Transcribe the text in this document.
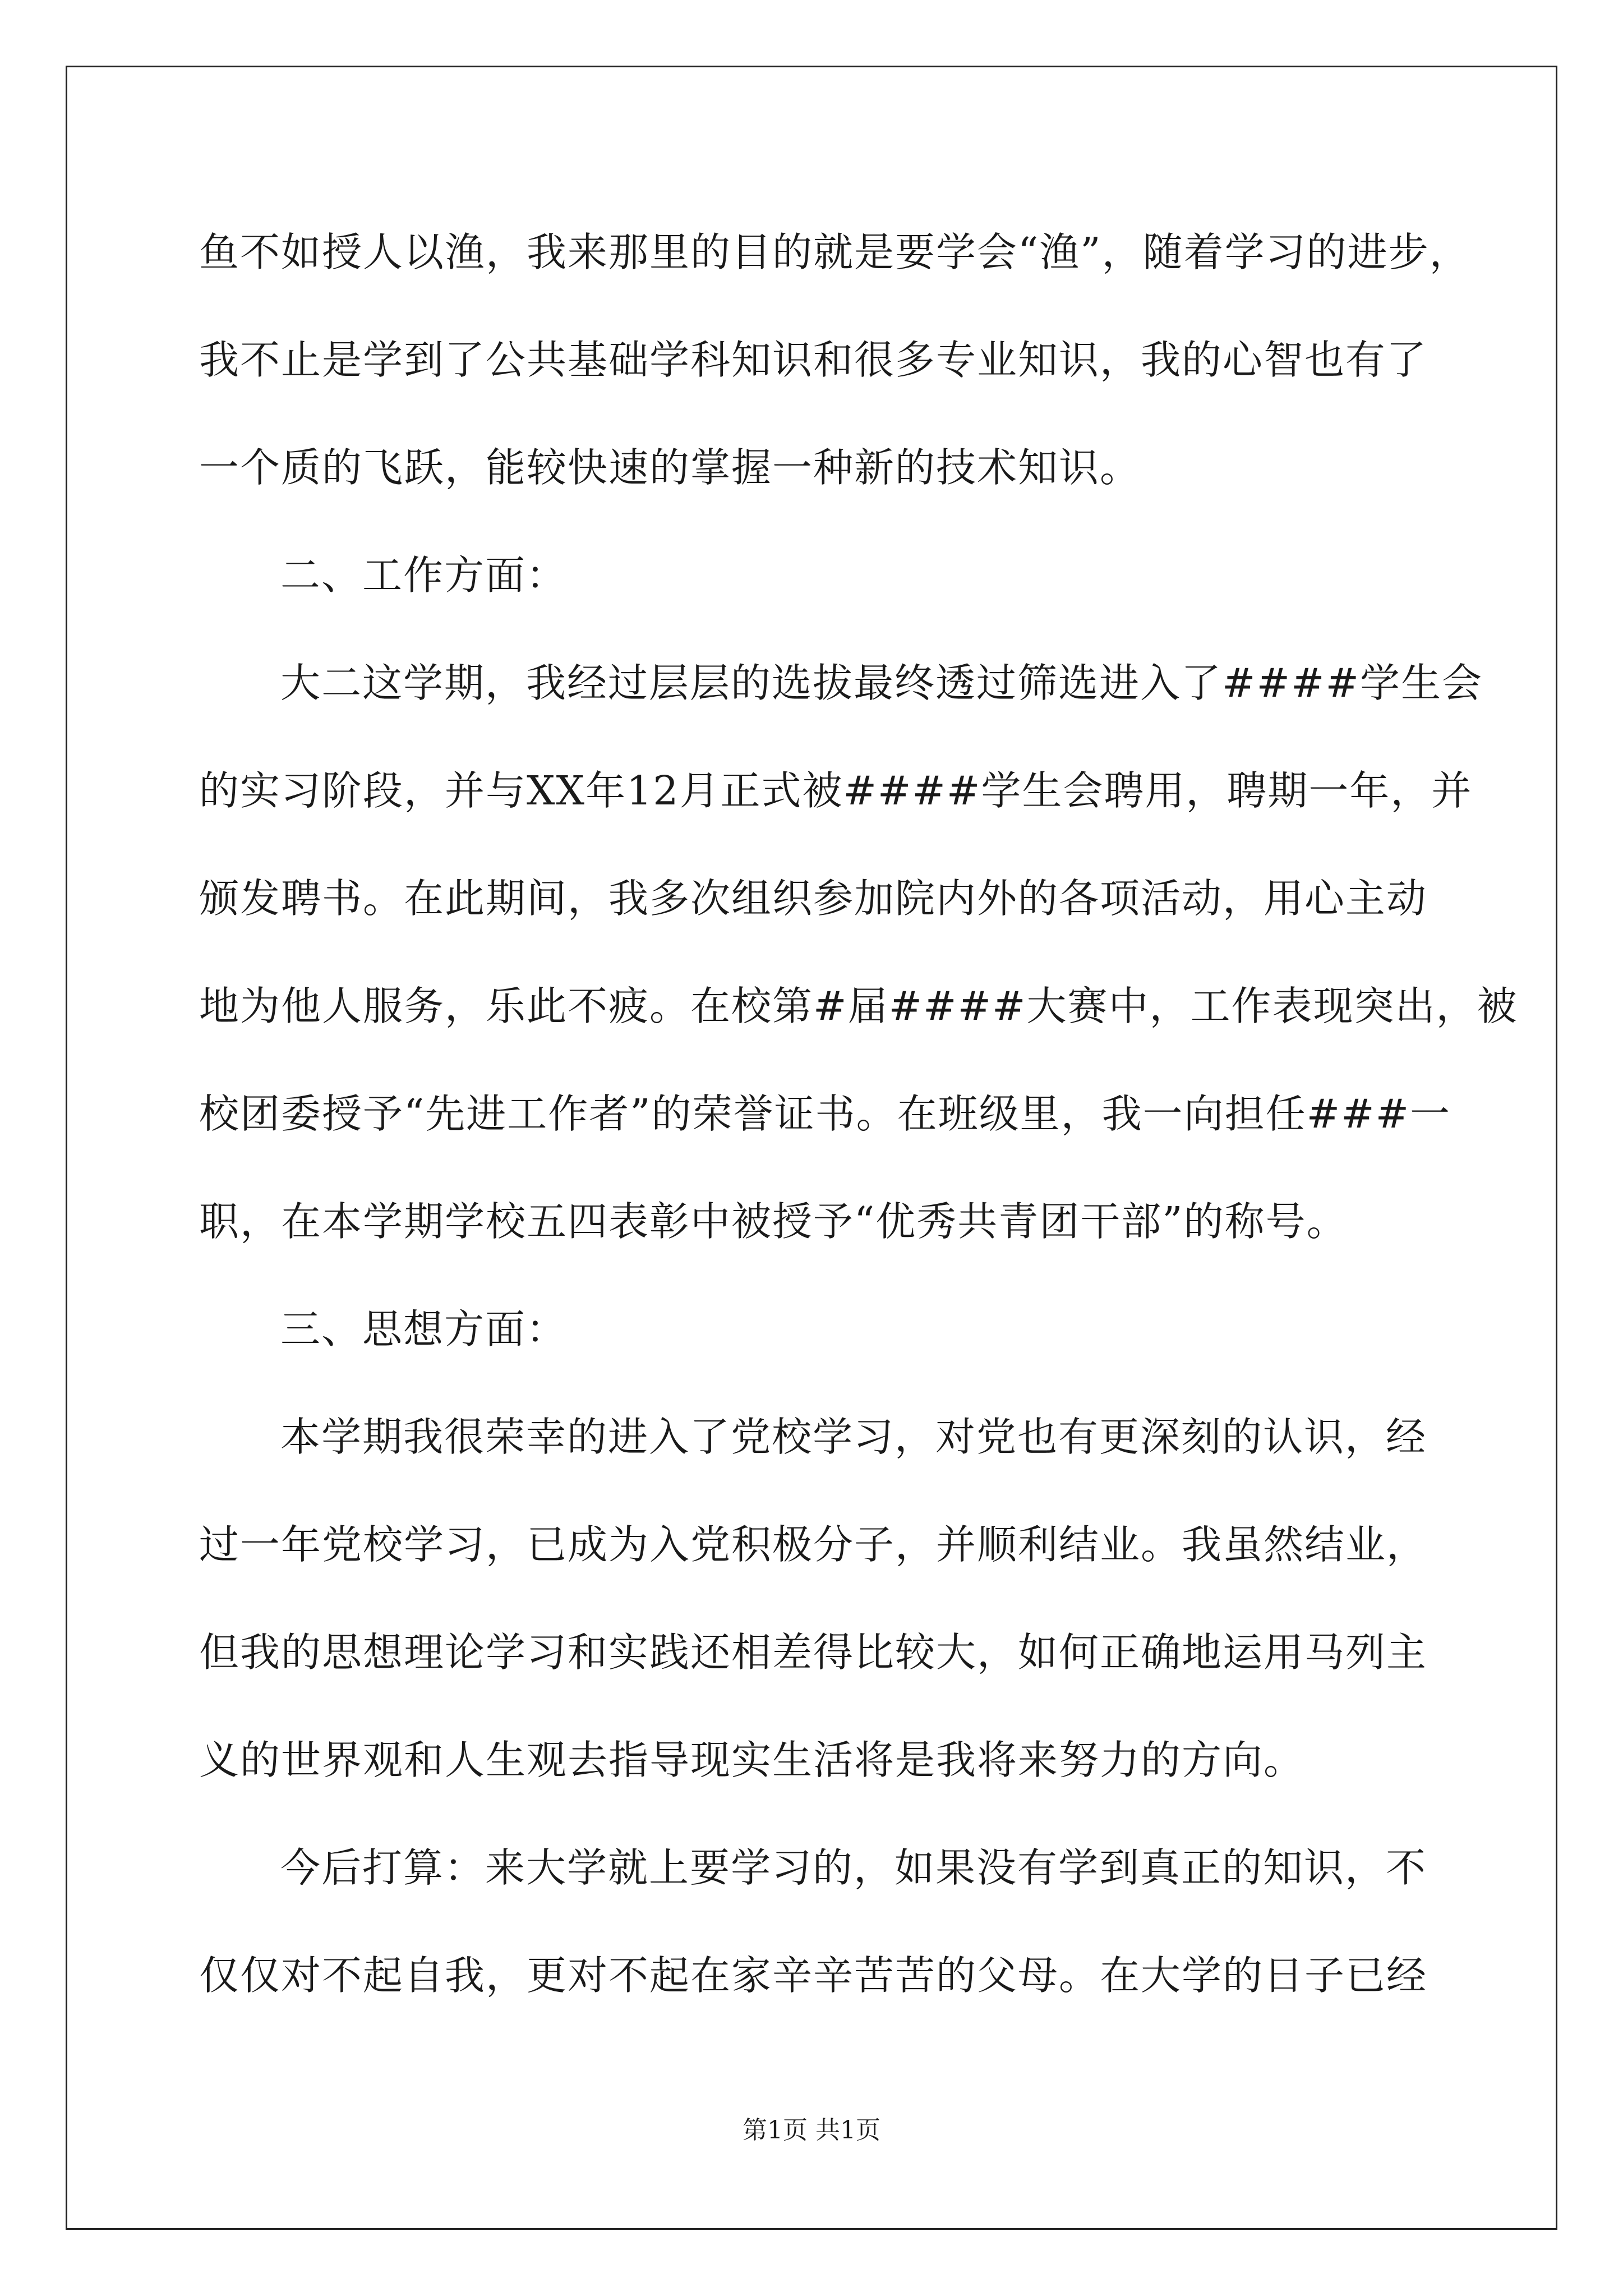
鱼不如授人以渔，我来那里的目的就是要学会“渔”，随着学习的进步，
我不止是学到了公共基础学科知识和很多专业知识，我的心智也有了
一个质的飞跃，能较快速的掌握一种新的技术知识。
二、工作方面：
大二这学期，我经过层层的选拔最终透过筛选进入了####学生会
的实习阶段，并与XX年12月正式被####学生会聘用，聘期一年，并
颁发聘书。在此期间，我多次组织参加院内外的各项活动，用心主动
地为他人服务，乐此不疲。在校第#届####大赛中，工作表现突出，被
校团委授予“先进工作者”的荣誉证书。在班级里，我一向担任###一
职，在本学期学校五四表彰中被授予“优秀共青团干部”的称号。
三、思想方面：
本学期我很荣幸的进入了党校学习，对党也有更深刻的认识，经
过一年党校学习，已成为入党积极分子，并顺利结业。我虽然结业，
但我的思想理论学习和实践还相差得比较大，如何正确地运用马列主
义的世界观和人生观去指导现实生活将是我将来努力的方向。
今后打算：来大学就上要学习的，如果没有学到真正的知识，不
仅仅对不起自我，更对不起在家辛辛苦苦的父母。在大学的日子已经
第1页 共1页
